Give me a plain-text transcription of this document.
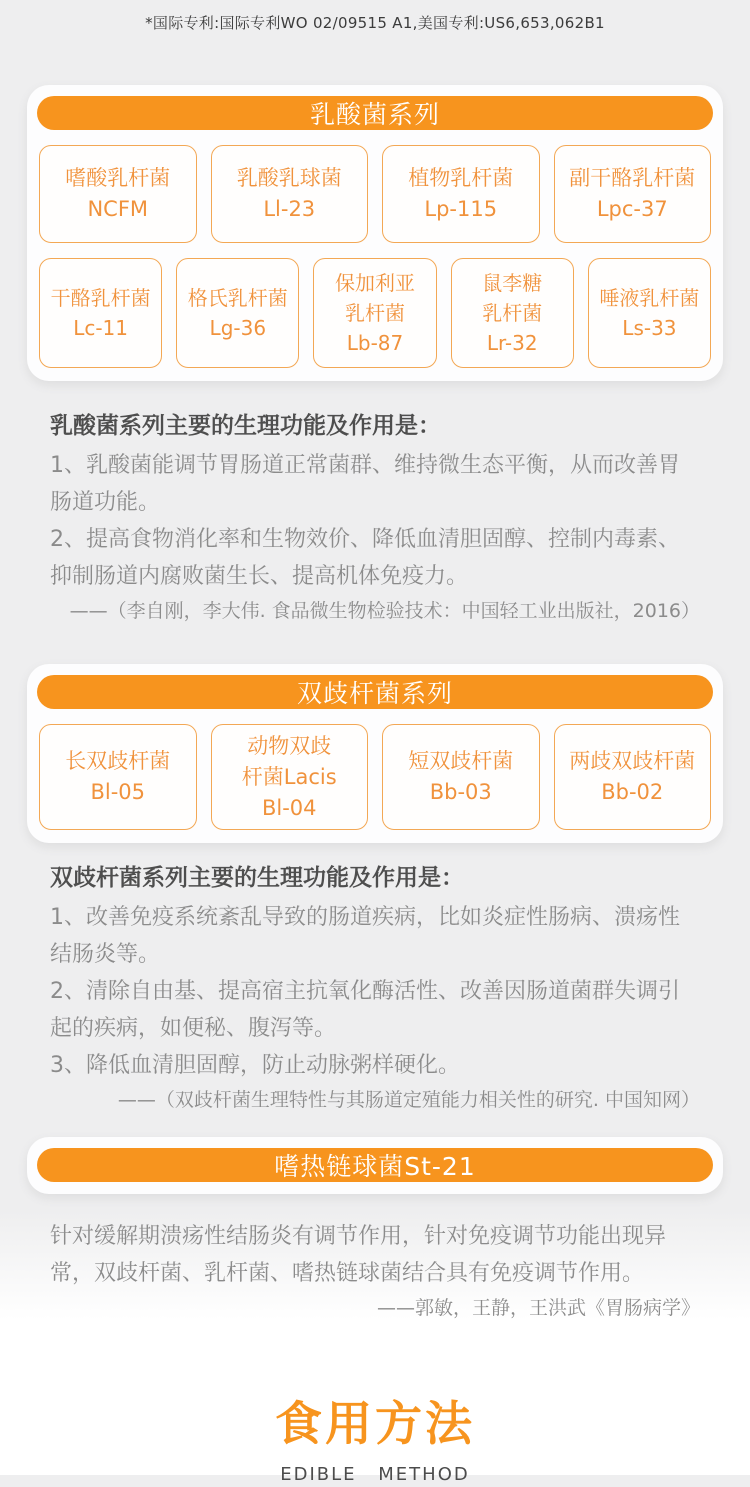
*国际专利:国际专利WO 02/09515 A1,美国专利:US6,653,062B1
乳酸菌系列
嗜酸乳杆菌
NCFM
乳酸乳球菌
Ll-23
植物乳杆菌
Lp-115
副干酪乳杆菌
Lpc-37
干酪乳杆菌
Lc-11
格氏乳杆菌
Lg-36
保加利亚
乳杆菌
Lb-87
鼠李糖
乳杆菌
Lr-32
唾液乳杆菌
Ls-33

乳酸菌系列主要的生理功能及作用是：

1、乳酸菌能调节胃肠道正常菌群、维持微生态平衡，从而改善胃肠道功能。

2、提高食物消化率和生物效价、降低血清胆固醇、控制内毒素、抑制肠道内腐败菌生长、提高机体免疫力。

——（李自刚，李大伟. 食品微生物检验技术：中国轻工业出版社，2016）

双歧杆菌系列
长双歧杆菌
Bl-05
动物双歧
杆菌Lacis
Bl-04
短双歧杆菌
Bb-03
两歧双歧杆菌
Bb-02

双歧杆菌系列主要的生理功能及作用是：

1、改善免疫系统紊乱导致的肠道疾病，比如炎症性肠病、溃疡性结肠炎等。

2、清除自由基、提高宿主抗氧化酶活性、改善因肠道菌群失调引起的疾病，如便秘、腹泻等。

3、降低血清胆固醇，防止动脉粥样硬化。

——（双歧杆菌生理特性与其肠道定殖能力相关性的研究. 中国知网）

嗜热链球菌St-21

针对缓解期溃疡性结肠炎有调节作用，针对免疫调节功能出现异常，双歧杆菌、乳杆菌、嗜热链球菌结合具有免疫调节作用。

——郭敏，王静，王洪武《胃肠病学》

食用方法
EDIBLE METHOD
